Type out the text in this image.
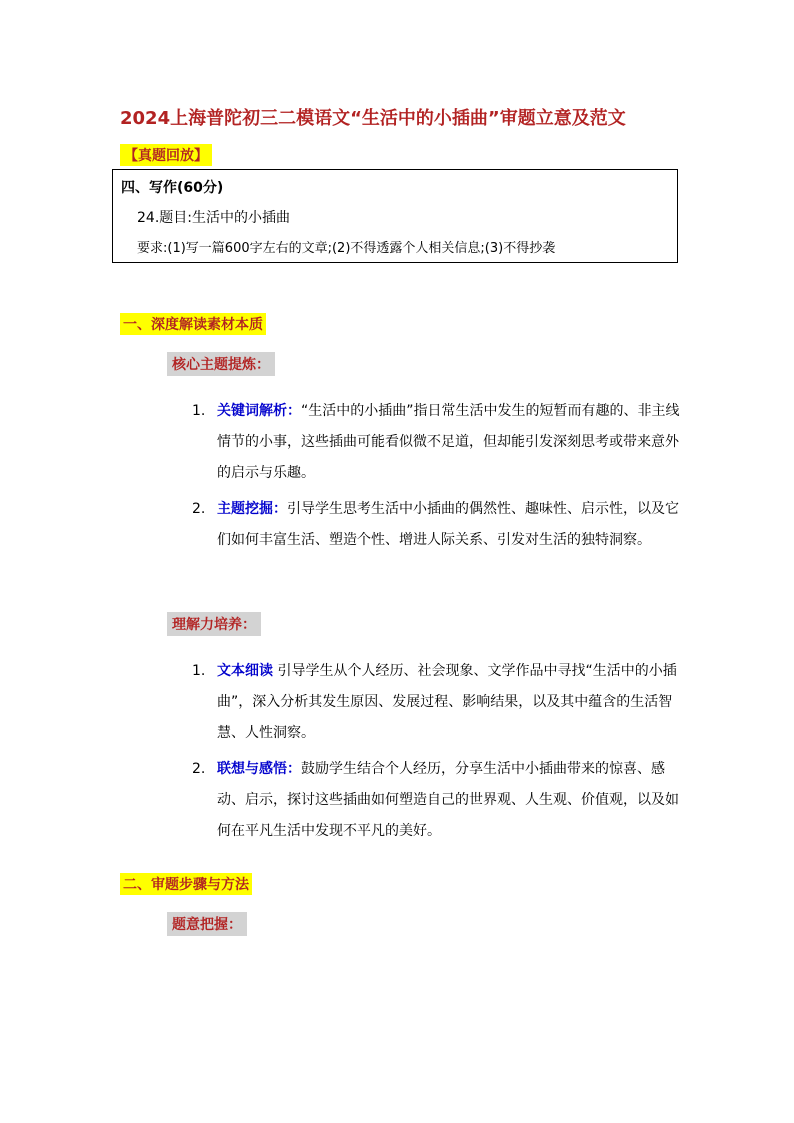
2024上海普陀初三二模语文“生活中的小插曲”审题立意及范文
【真题回放】
四、写作(60分)
24.题目:生活中的小插曲
要求:(1)写一篇600字左右的文章;(2)不得透露个人相关信息;(3)不得抄袭
一、深度解读素材本质
核心主题提炼：
1. 关键词解析：“生活中的小插曲”指日常生活中发生的短暂而有趣的、非主线情节的小事，这些插曲可能看似微不足道，但却能引发深刻思考或带来意外的启示与乐趣。
2. 主题挖掘：引导学生思考生活中小插曲的偶然性、趣味性、启示性，以及它们如何丰富生活、塑造个性、增进人际关系、引发对生活的独特洞察。
理解力培养：
1. 文本细读 引导学生从个人经历、社会现象、文学作品中寻找“生活中的小插曲”，深入分析其发生原因、发展过程、影响结果，以及其中蕴含的生活智慧、人性洞察。
2. 联想与感悟：鼓励学生结合个人经历，分享生活中小插曲带来的惊喜、感动、启示，探讨这些插曲如何塑造自己的世界观、人生观、价值观，以及如何在平凡生活中发现不平凡的美好。
二、审题步骤与方法
题意把握：
